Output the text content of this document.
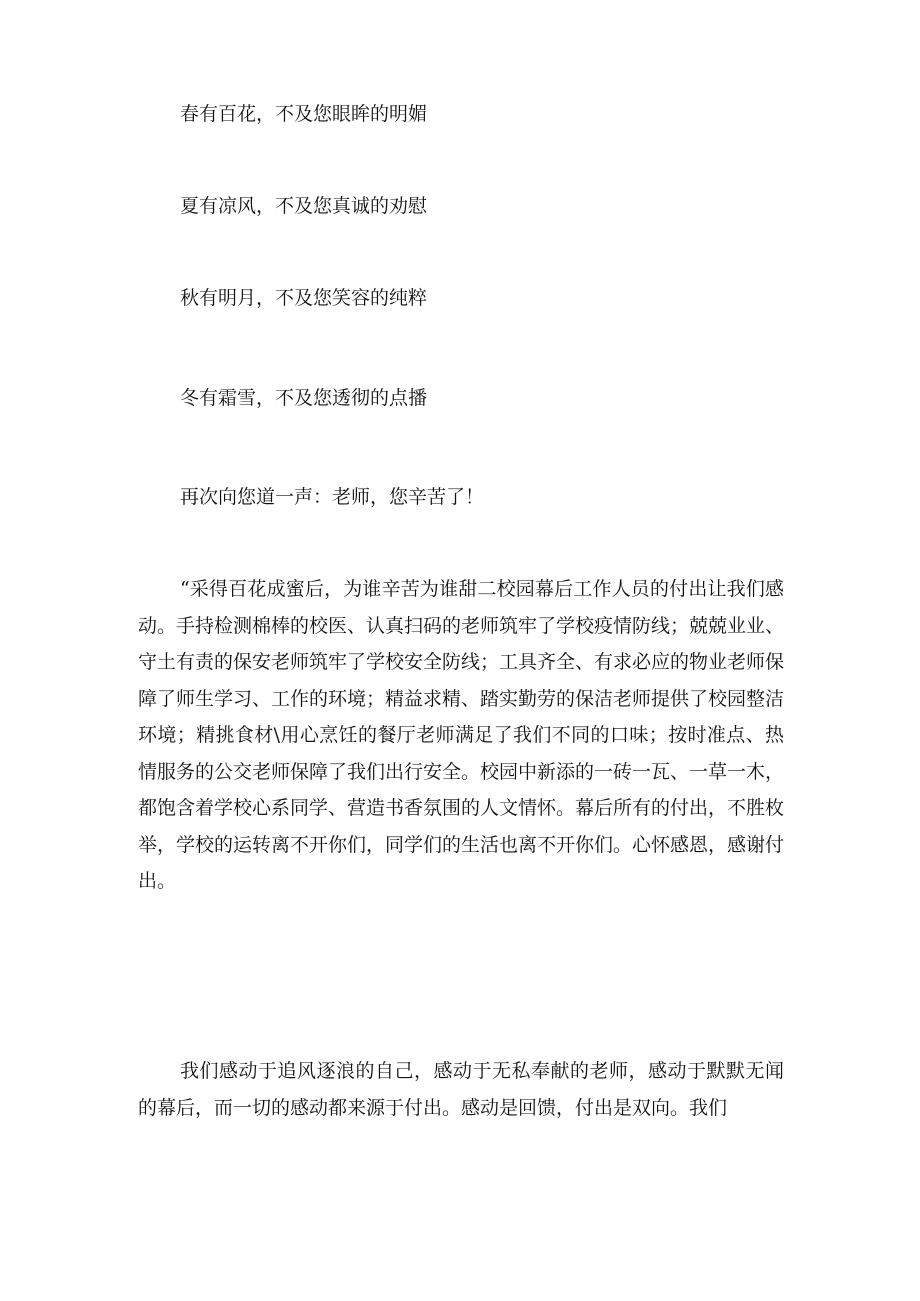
春有百花，不及您眼眸的明媚
夏有凉风，不及您真诚的劝慰
秋有明月，不及您笑容的纯粹
冬有霜雪，不及您透彻的点播
再次向您道一声：老师，您辛苦了！

“采得百花成蜜后，为谁辛苦为谁甜二校园幕后工作人员的付出让我们感动。手持检测棉棒的校医、认真扫码的老师筑牢了学校疫情防线；兢兢业业、守土有责的保安老师筑牢了学校安全防线；工具齐全、有求必应的物业老师保障了师生学习、工作的环境；精益求精、踏实勤劳的保洁老师提供了校园整洁环境；精挑食材\用心烹饪的餐厅老师满足了我们不同的口味；按时准点、热情服务的公交老师保障了我们出行安全。校园中新添的一砖一瓦、一草一木，都饱含着学校心系同学、营造书香氛围的人文情怀。幕后所有的付出，不胜枚举，学校的运转离不开你们，同学们的生活也离不开你们。心怀感恩，感谢付出。

我们感动于追风逐浪的自己，感动于无私奉献的老师，感动于默默无闻的幕后，而一切的感动都来源于付出。感动是回馈，付出是双向。我们
